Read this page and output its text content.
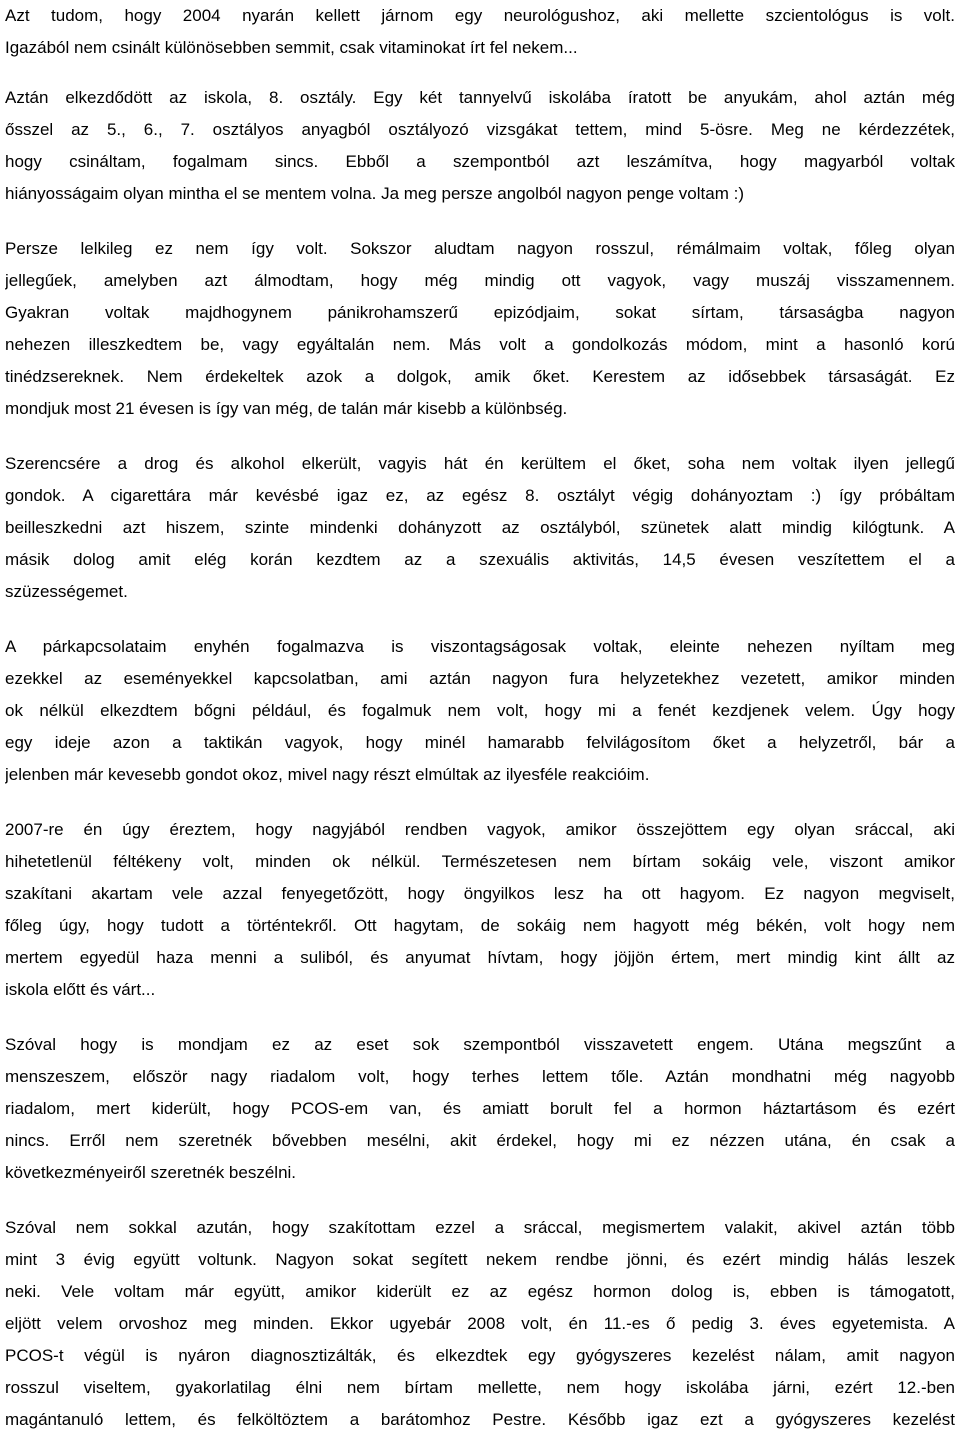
Azt tudom, hogy 2004 nyarán kellett járnom egy neurológushoz, aki mellette szcientológus is volt.
Igazából nem csinált különösebben semmit, csak vitaminokat írt fel nekem...
Aztán elkezdődött az iskola, 8. osztály. Egy két tannyelvű iskolába íratott be anyukám, ahol aztán még
ősszel az 5., 6., 7. osztályos anyagból osztályozó vizsgákat tettem, mind 5-ösre. Meg ne kérdezzétek,
hogy csináltam, fogalmam sincs. Ebből a szempontból azt leszámítva, hogy magyarból voltak
hiányosságaim olyan mintha el se mentem volna. Ja meg persze angolból nagyon penge voltam :)
Persze lelkileg ez nem így volt. Sokszor aludtam nagyon rosszul, rémálmaim voltak, főleg olyan
jellegűek, amelyben azt álmodtam, hogy még mindig ott vagyok, vagy muszáj visszamennem.
Gyakran voltak majdhogynem pánikrohamszerű epizódjaim, sokat sírtam, társaságba nagyon
nehezen illeszkedtem be, vagy egyáltalán nem. Más volt a gondolkozás módom, mint a hasonló korú
tinédzsereknek. Nem érdekeltek azok a dolgok, amik őket. Kerestem az idősebbek társaságát. Ez
mondjuk most 21 évesen is így van még, de talán már kisebb a különbség.
Szerencsére a drog és alkohol elkerült, vagyis hát én kerültem el őket, soha nem voltak ilyen jellegű
gondok. A cigarettára már kevésbé igaz ez, az egész 8. osztályt végig dohányoztam :) így próbáltam
beilleszkedni azt hiszem, szinte mindenki dohányzott az osztályból, szünetek alatt mindig kilógtunk. A
másik dolog amit elég korán kezdtem az a szexuális aktivitás, 14,5 évesen veszítettem el a
szüzességemet.
A párkapcsolataim enyhén fogalmazva is viszontagságosak voltak, eleinte nehezen nyíltam meg
ezekkel az eseményekkel kapcsolatban, ami aztán nagyon fura helyzetekhez vezetett, amikor minden
ok nélkül elkezdtem bőgni például, és fogalmuk nem volt, hogy mi a fenét kezdjenek velem. Úgy hogy
egy ideje azon a taktikán vagyok, hogy minél hamarabb felvilágosítom őket a helyzetről, bár a
jelenben már kevesebb gondot okoz, mivel nagy részt elmúltak az ilyesféle reakcióim.
2007-re én úgy éreztem, hogy nagyjából rendben vagyok, amikor összejöttem egy olyan sráccal, aki
hihetetlenül féltékeny volt, minden ok nélkül. Természetesen nem bírtam sokáig vele, viszont amikor
szakítani akartam vele azzal fenyegetőzött, hogy öngyilkos lesz ha ott hagyom. Ez nagyon megviselt,
főleg úgy, hogy tudott a történtekről. Ott hagytam, de sokáig nem hagyott még békén, volt hogy nem
mertem egyedül haza menni a suliból, és anyumat hívtam, hogy jöjjön értem, mert mindig kint állt az
iskola előtt és várt...
Szóval hogy is mondjam ez az eset sok szempontból visszavetett engem. Utána megszűnt a
menszeszem, először nagy riadalom volt, hogy terhes lettem tőle. Aztán mondhatni még nagyobb
riadalom, mert kiderült, hogy PCOS-em van, és amiatt borult fel a hormon háztartásom és ezért
nincs. Erről nem szeretnék bővebben mesélni, akit érdekel, hogy mi ez nézzen utána, én csak a
következményeiről szeretnék beszélni.
Szóval nem sokkal azután, hogy szakítottam ezzel a sráccal, megismertem valakit, akivel aztán több
mint 3 évig együtt voltunk. Nagyon sokat segített nekem rendbe jönni, és ezért mindig hálás leszek
neki. Vele voltam már együtt, amikor kiderült ez az egész hormon dolog is, ebben is támogatott,
eljött velem orvoshoz meg minden. Ekkor ugyebár 2008 volt, én 11.-es ő pedig 3. éves egyetemista. A
PCOS-t végül is nyáron diagnosztizálták, és elkezdtek egy gyógyszeres kezelést nálam, amit nagyon
rosszul viseltem, gyakorlatilag élni nem bírtam mellette, nem hogy iskolába járni, ezért 12.-ben
magántanuló lettem, és felköltöztem a barátomhoz Pestre. Később igaz ezt a gyógyszeres kezelést
